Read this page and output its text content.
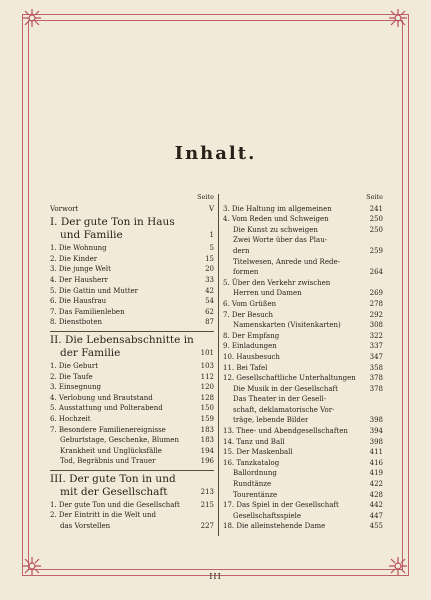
Inhalt.
Seite
Vorwort	V
I. Der gute Ton in Haus
und Familie	1
1. Die Wohnung	5
2. Die Kinder	15
3. Die junge Welt	20
4. Der Hausherr	33
5. Die Gattin und Mutter	42
6. Die Hausfrau	54
7. Das Familienleben	62
8. Dienstboten	87
II. Die Lebensabschnitte in
der Familie	101
1. Die Geburt	103
2. Die Taufe	112
3. Einsegnung	120
4. Verlobung und Brautstand	128
5. Ausstattung und Polterabend	150
6. Hochzeit	159
7. Besondere Familienereignisse	183
Geburtstage, Geschenke, Blumen	183
Krankheit und Unglücksfälle	194
Tod, Begräbnis und Trauer	196
III. Der gute Ton in und
mit der Gesellschaft	213
1. Der gute Ton und die Gesellschaft	215
2. Der Eintritt in die Welt und
das Vorstellen	227
Seite
3. Die Haltung im allgemeinen	241
4. Vom Reden und Schweigen	250
Die Kunst zu schweigen	250
Zwei Worte über das Plau-
dern	259
Titelwesen, Anrede und Rede-
formen	264
5. Über den Verkehr zwischen
Herren und Damen	269
6. Vom Grüßen	278
7. Der Besuch	292
Namenskarten (Visitenkarten)	308
8. Der Empfang	322
9. Einladungen	337
10. Hausbesuch	347
11. Bei Tafel	358
12. Gesellschaftliche Unterhaltungen	378
Die Musik in der Gesellschaft	378
Das Theater in der Gesell-
schaft, deklamatorische Vor-
träge, lebende Bilder	398
13. Thee- und Abendgesellschaften	394
14. Tanz und Ball	398
15. Der Maskenball	411
16. Tanzkatalog	416
Ballordnung	419
Rundtänze	422
Tourentänze	428
17. Das Spiel in der Gesellschaft	442
Gesellschaftsspiele	447
18. Die alleinstehende Dame	455
III
